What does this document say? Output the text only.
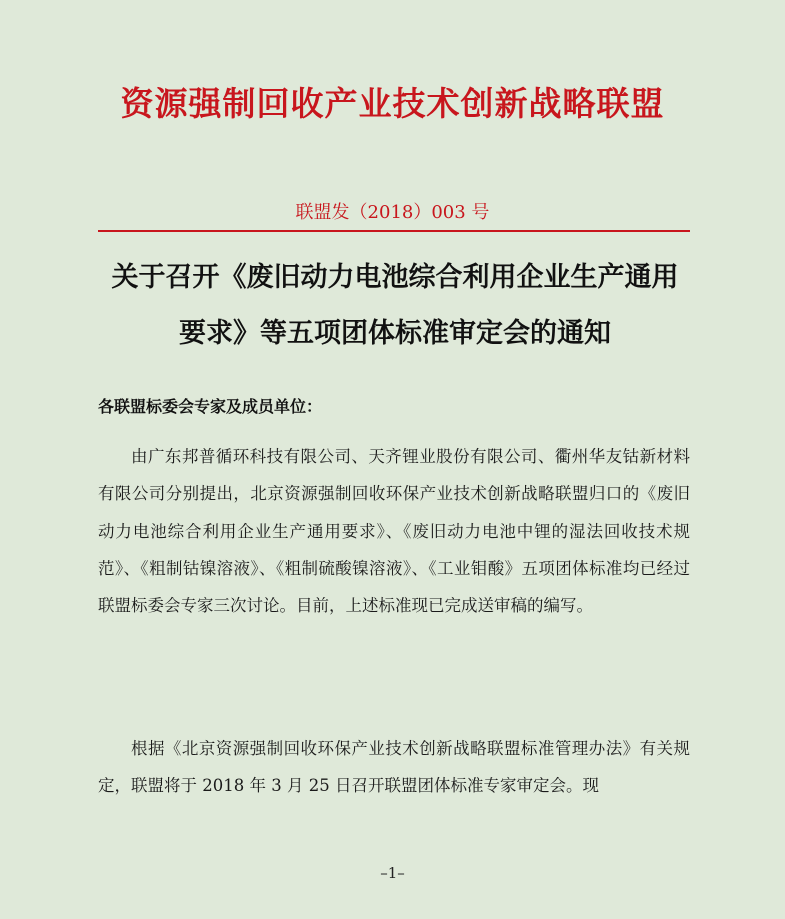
资源强制回收产业技术创新战略联盟
联盟发（2018）003 号
关于召开《废旧动力电池综合利用企业生产通用要求》等五项团体标准审定会的通知
各联盟标委会专家及成员单位：

由广东邦普循环科技有限公司、天齐锂业股份有限公司、衢州华友钴新材料有限公司分别提出，北京资源强制回收环保产业技术创新战略联盟归口的《废旧动力电池综合利用企业生产通用要求》、《废旧动力电池中锂的湿法回收技术规范》、《粗制钴镍溶液》、《粗制硫酸镍溶液》、《工业钼酸》五项团体标准均已经过联盟标委会专家三次讨论。目前，上述标准现已完成送审稿的编写。

根据《北京资源强制回收环保产业技术创新战略联盟标准管理办法》有关规定，联盟将于 2018 年 3 月 25 日召开联盟团体标准专家审定会。现

–1–
